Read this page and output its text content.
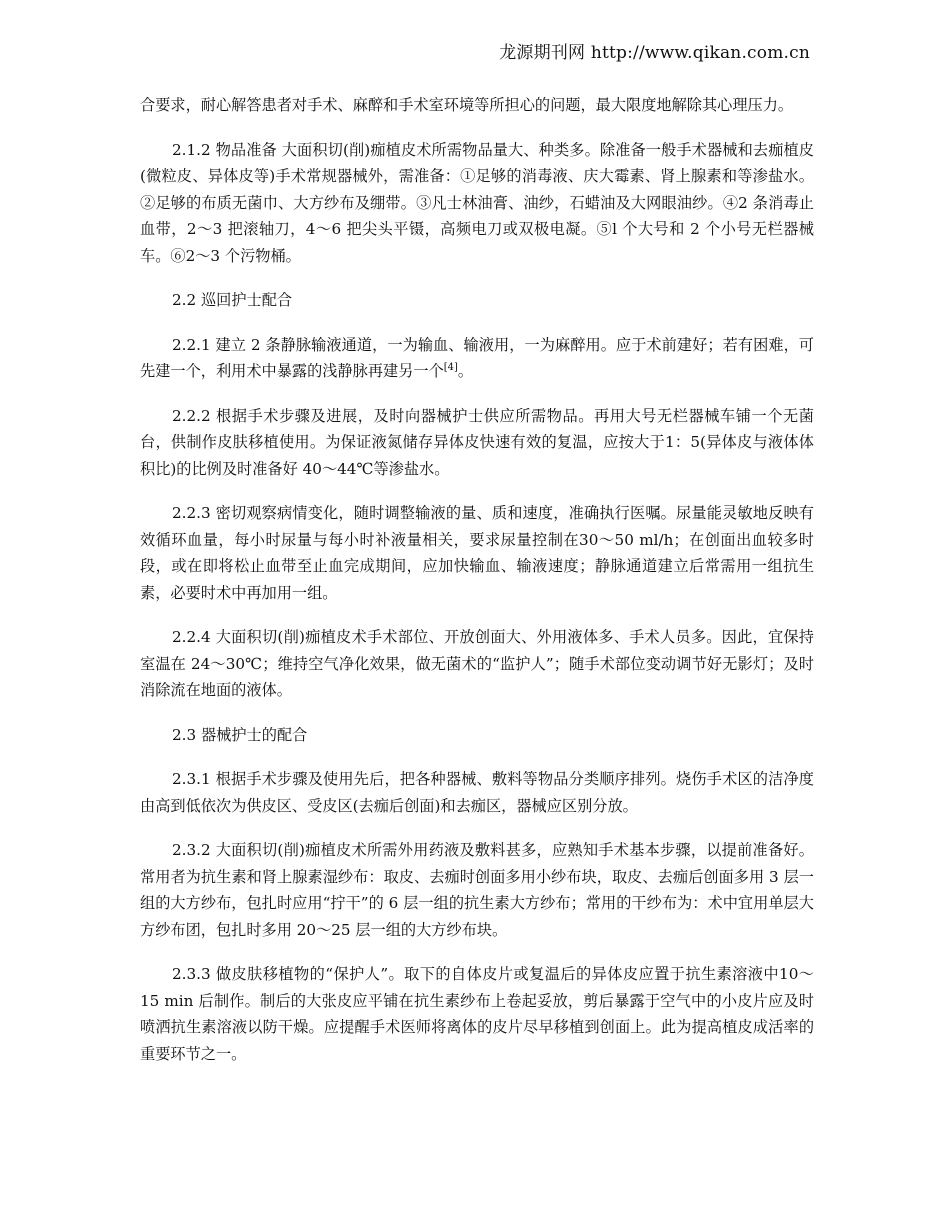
龙源期刊网 http://www.qikan.com.cn

合要求，耐心解答患者对手术、麻醉和手术室环境等所担心的问题，最大限度地解除其心理压力。

2.1.2 物品准备 大面积切(削)痂植皮术所需物品量大、种类多。除准备一般手术器械和去痂植皮(微粒皮、异体皮等)手术常规器械外，需准备：①足够的消毒液、庆大霉素、肾上腺素和等渗盐水。②足够的布质无菌巾、大方纱布及绷带。③凡士林油膏、油纱，石蜡油及大网眼油纱。④2 条消毒止血带，2～3 把滚轴刀，4～6 把尖头平镊，高频电刀或双极电凝。⑤l 个大号和 2 个小号无栏器械车。⑥2～3 个污物桶。

2.2 巡回护士配合

2.2.1 建立 2 条静脉输液通道，一为输血、输液用，一为麻醉用。应于术前建好；若有困难，可先建一个，利用术中暴露的浅静脉再建另一个[4]。

2.2.2 根据手术步骤及进展，及时向器械护士供应所需物品。再用大号无栏器械车铺一个无菌台，供制作皮肤移植使用。为保证液氮储存异体皮快速有效的复温，应按大于1：5(异体皮与液体体积比)的比例及时准备好 40～44℃等渗盐水。

2.2.3 密切观察病情变化，随时调整输液的量、质和速度，准确执行医嘱。尿量能灵敏地反映有效循环血量，每小时尿量与每小时补液量相关，要求尿量控制在30～50 ml/h；在创面出血较多时段，或在即将松止血带至止血完成期间，应加快输血、输液速度；静脉通道建立后常需用一组抗生素，必要时术中再加用一组。

2.2.4 大面积切(削)痂植皮术手术部位、开放创面大、外用液体多、手术人员多。因此，宜保持室温在 24～30℃；维持空气净化效果，做无菌术的“监护人”；随手术部位变动调节好无影灯；及时消除流在地面的液体。

2.3 器械护士的配合

2.3.1 根据手术步骤及使用先后，把各种器械、敷料等物品分类顺序排列。烧伤手术区的洁净度由高到低依次为供皮区、受皮区(去痂后创面)和去痂区，器械应区别分放。

2.3.2 大面积切(削)痂植皮术所需外用药液及敷料甚多，应熟知手术基本步骤，以提前准备好。常用者为抗生素和肾上腺素湿纱布：取皮、去痂时创面多用小纱布块，取皮、去痂后创面多用 3 层一组的大方纱布，包扎时应用“拧干”的 6 层一组的抗生素大方纱布；常用的干纱布为：术中宜用单层大方纱布团，包扎时多用 20～25 层一组的大方纱布块。

2.3.3 做皮肤移植物的“保护人”。取下的自体皮片或复温后的异体皮应置于抗生素溶液中10～15 min 后制作。制后的大张皮应平铺在抗生素纱布上卷起妥放，剪后暴露于空气中的小皮片应及时喷洒抗生素溶液以防干燥。应提醒手术医师将离体的皮片尽早移植到创面上。此为提高植皮成活率的重要环节之一。
